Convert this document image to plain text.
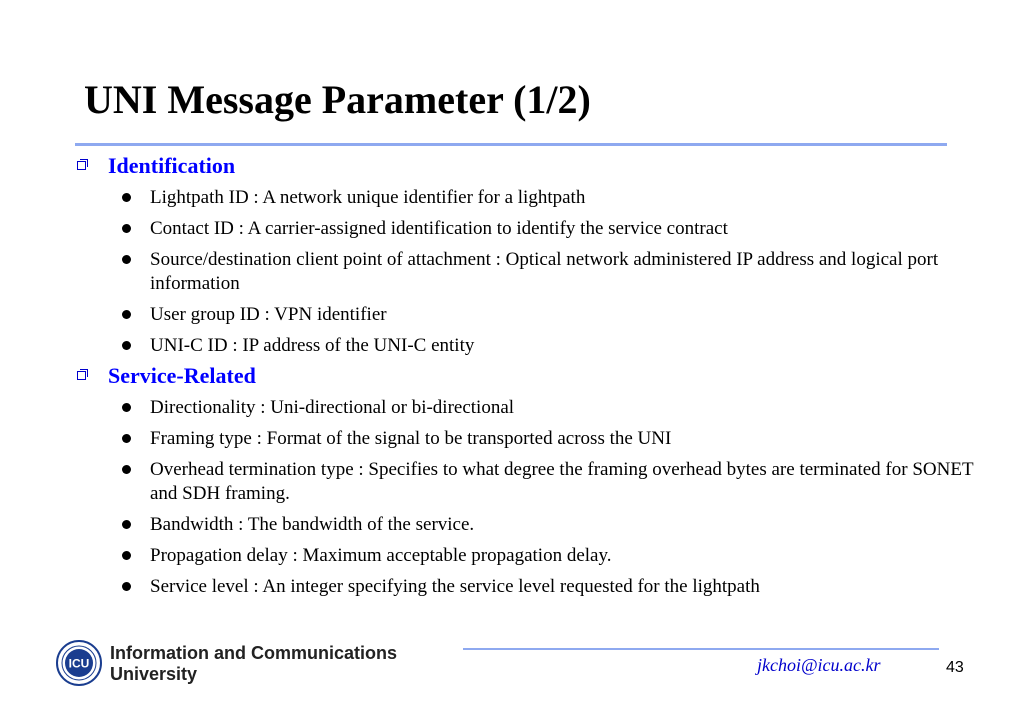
UNI Message Parameter (1/2)
Identification
Lightpath ID : A network unique identifier for a lightpath
Contact ID : A carrier-assigned identification to identify the service contract
Source/destination client point of attachment : Optical network administered IP address and logical port information
User group ID : VPN identifier
UNI-C ID : IP address of the UNI-C entity
Service-Related
Directionality : Uni-directional or bi-directional
Framing type : Format of the signal to be transported across the UNI
Overhead termination type : Specifies to what degree the framing overhead bytes are terminated for SONET and SDH framing.
Bandwidth : The bandwidth of the service.
Propagation delay : Maximum acceptable propagation delay.
Service level : An integer specifying the service level requested for the lightpath
ICU
Information and Communications
University	jkchoi@icu.ac.kr	43
